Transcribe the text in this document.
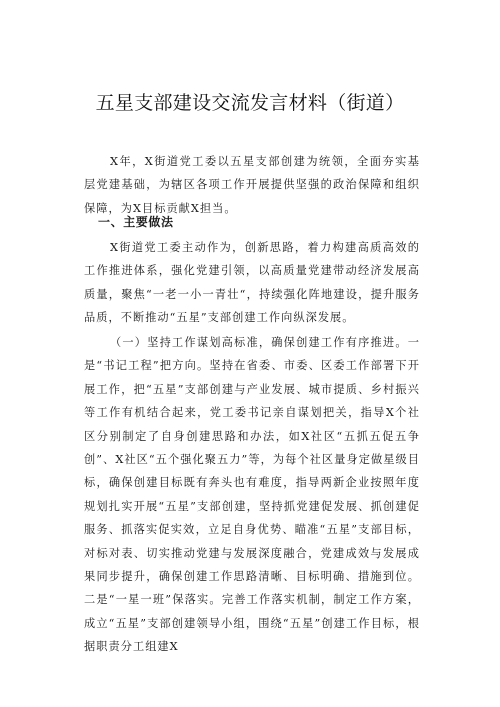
五星支部建设交流发言材料（街道）

X年，X街道党工委以五星支部创建为统领，全面夯实基层党建基础，为辖区各项工作开展提供坚强的政治保障和组织保障，为X目标贡献X担当。

一、主要做法

X街道党工委主动作为，创新思路，着力构建高质高效的工作推进体系，强化党建引领，以高质量党建带动经济发展高质量，聚焦“一老一小一青壮“，持续强化阵地建设，提升服务品质，不断推动“五星”支部创建工作向纵深发展。

（一）坚持工作谋划高标准，确保创建工作有序推进。一是“书记工程”把方向。坚持在省委、市委、区委工作部署下开展工作，把“五星”支部创建与产业发展、城市提质、乡村振兴等工作有机结合起来，党工委书记亲自谋划把关，指导X个社区分别制定了自身创建思路和办法，如X社区“五抓五促五争创”、X社区“五个强化聚五力”等，为每个社区量身定做星级目标，确保创建目标既有奔头也有难度，指导两新企业按照年度规划扎实开展“五星”支部创建，坚持抓党建促发展、抓创建促服务、抓落实促实效，立足自身优势、瞄准“五星”支部目标，对标对表、切实推动党建与发展深度融合，党建成效与发展成果同步提升，确保创建工作思路清晰、目标明确、措施到位。二是“一星一班”保落实。完善工作落实机制，制定工作方案，成立“五星”支部创建领导小组，围绕“五星”创建工作目标，根据职责分工组建X
